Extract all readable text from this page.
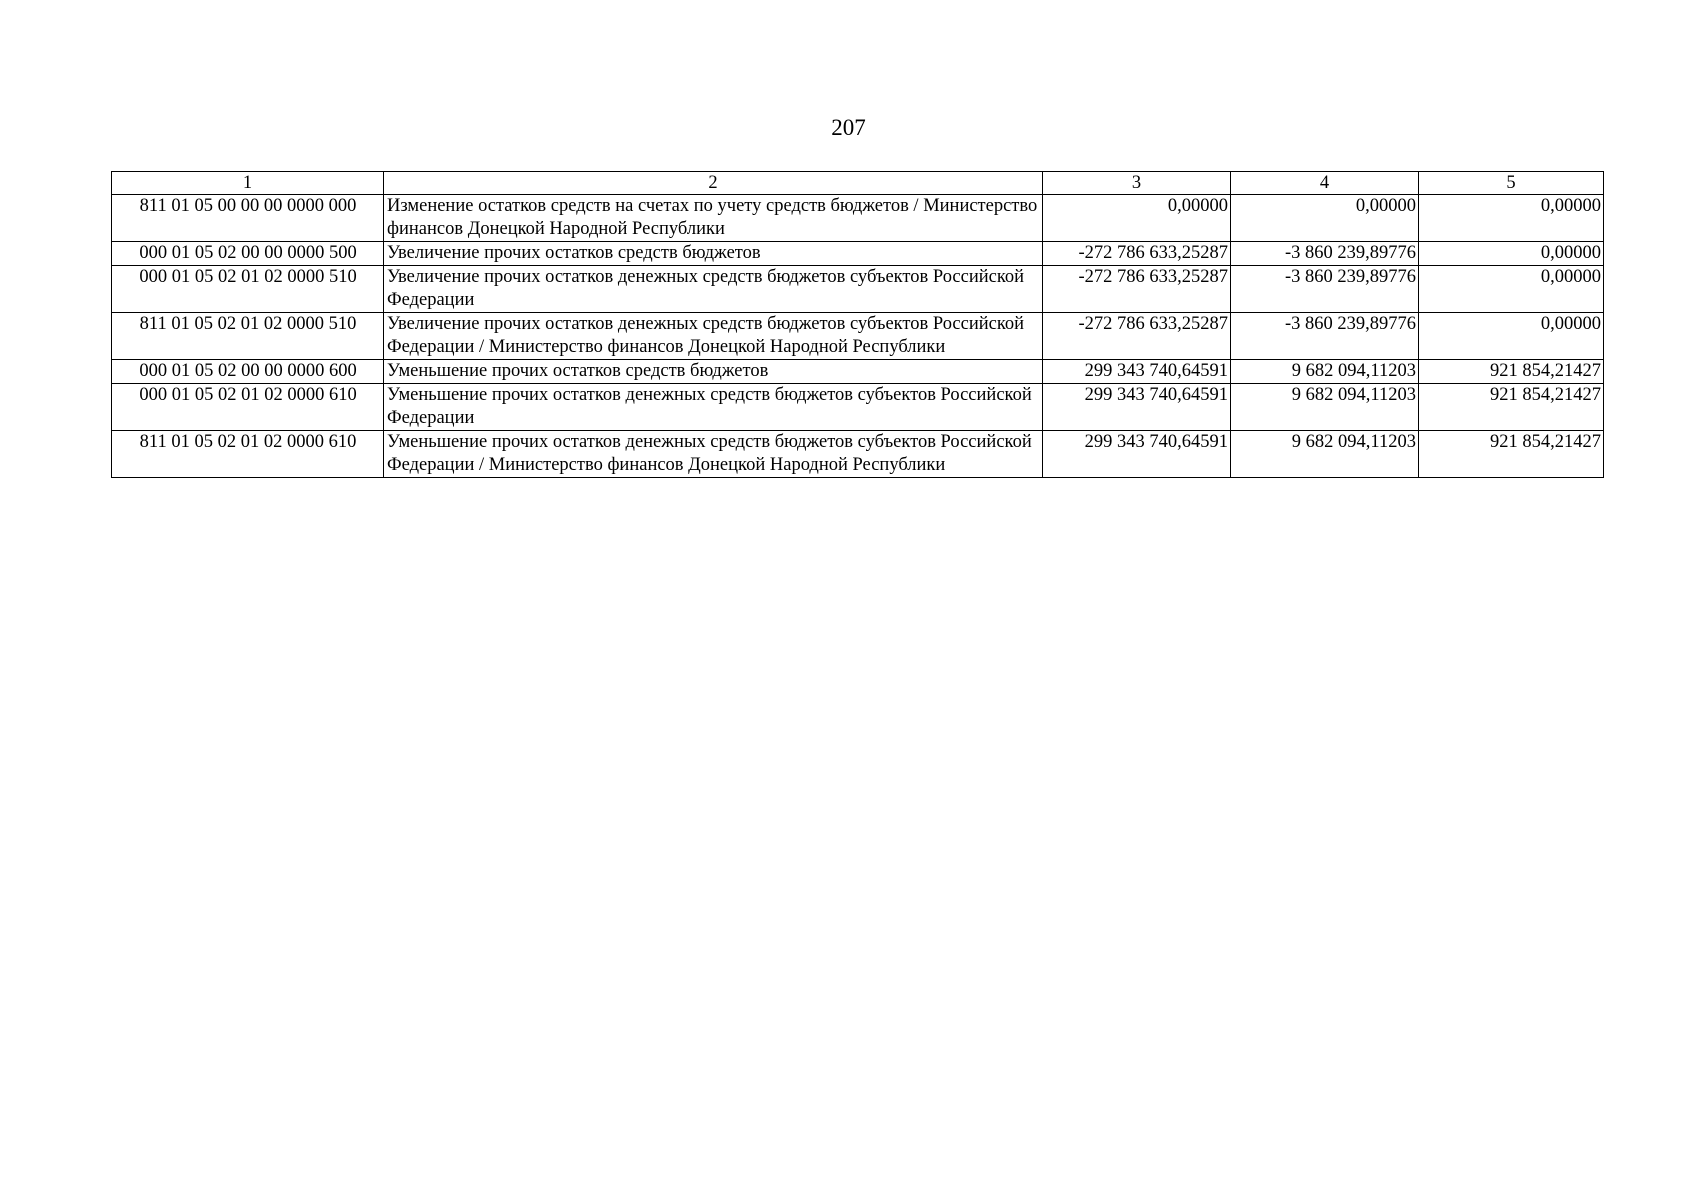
207
1	2	3	4	5
811 01 05 00 00 00 0000 000	Изменение остатков средств на счетах по учету средств бюджетов / Министерство финансов Донецкой Народной Республики	0,00000	0,00000	0,00000
000 01 05 02 00 00 0000 500	Увеличение прочих остатков средств бюджетов	-272 786 633,25287	-3 860 239,89776	0,00000
000 01 05 02 01 02 0000 510	Увеличение прочих остатков денежных средств бюджетов субъектов Российской Федерации	-272 786 633,25287	-3 860 239,89776	0,00000
811 01 05 02 01 02 0000 510	Увеличение прочих остатков денежных средств бюджетов субъектов Российской Федерации / Министерство финансов Донецкой Народной Республики	-272 786 633,25287	-3 860 239,89776	0,00000
000 01 05 02 00 00 0000 600	Уменьшение прочих остатков средств бюджетов	299 343 740,64591	9 682 094,11203	921 854,21427
000 01 05 02 01 02 0000 610	Уменьшение прочих остатков денежных средств бюджетов субъектов Российской Федерации	299 343 740,64591	9 682 094,11203	921 854,21427
811 01 05 02 01 02 0000 610	Уменьшение прочих остатков денежных средств бюджетов субъектов Российской Федерации / Министерство финансов Донецкой Народной Республики	299 343 740,64591	9 682 094,11203	921 854,21427
